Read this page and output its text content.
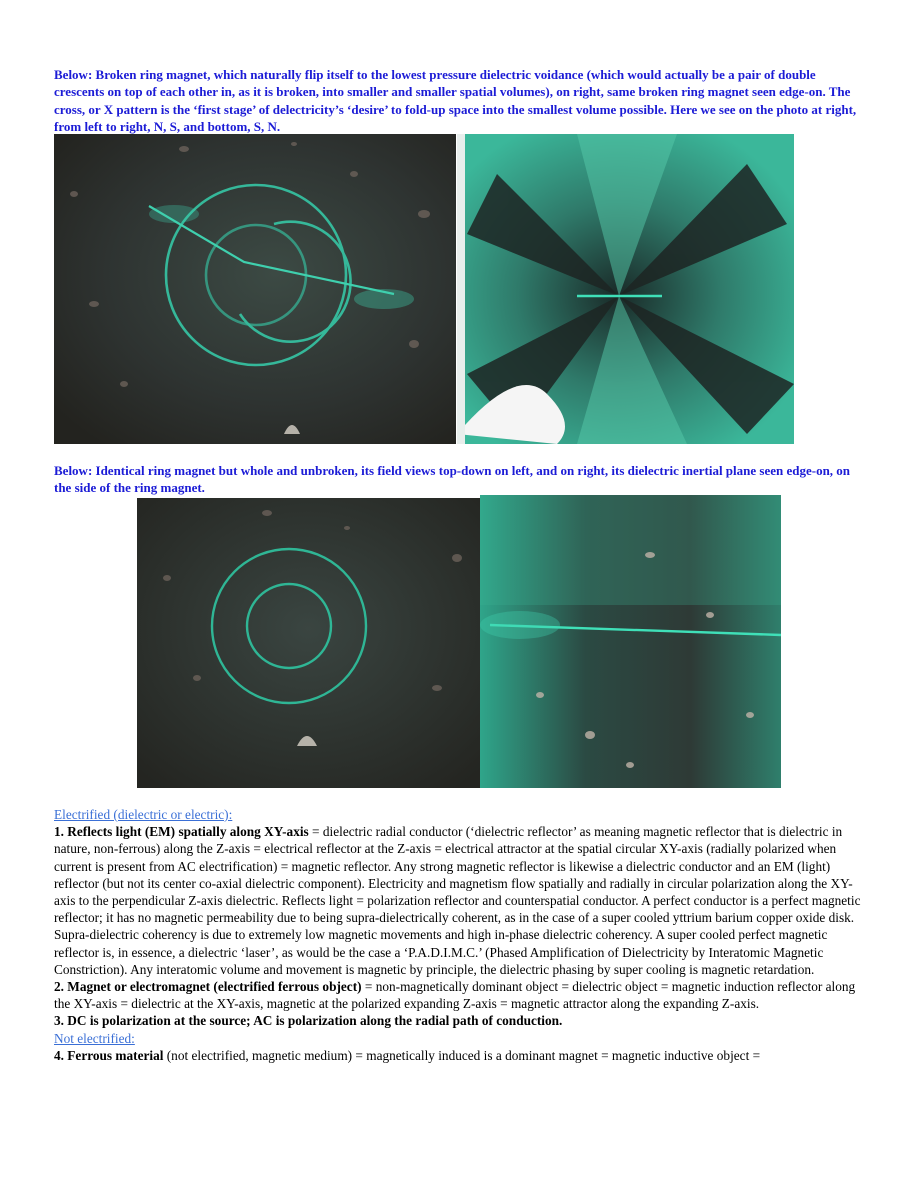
Below: Broken ring magnet, which naturally flip itself to the lowest pressure dielectric voidance (which would actually be a pair of double crescents on top of each other in, as it is broken, into smaller and smaller spatial volumes), on right, same broken ring magnet seen edge-on. The cross, or X pattern is the ‘first stage’ of delectricity’s ‘desire’ to fold-up space into the smallest volume possible. Here we see on the photo at right, from left to right, N, S, and bottom, S, N.
Below: Identical ring magnet but whole and unbroken, its field views top-down on left, and on right, its dielectric inertial plane seen edge-on, on the side of the ring magnet.

Electrified (dielectric or electric):

1. Reflects light (EM) spatially along XY-axis = dielectric radial conductor (‘dielectric reflector’ as meaning magnetic reflector that is dielectric in nature, non-ferrous) along the Z-axis = electrical reflector at the Z-axis = electrical attractor at the spatial circular XY-axis (radially polarized when current is present from AC electrification) = magnetic reflector. Any strong magnetic reflector is likewise a dielectric conductor and an EM (light) reflector (but not its center co-axial dielectric component). Electricity and magnetism flow spatially and radially in circular polarization along the XY-axis to the perpendicular Z-axis dielectric. Reflects light = polarization reflector and counterspatial conductor. A perfect conductor is a perfect magnetic reflector; it has no magnetic permeability due to being supra-dielectrically coherent, as in the case of a super cooled yttrium barium copper oxide disk. Supra-dielectric coherency is due to extremely low magnetic movements and high in-phase dielectric coherency. A super cooled perfect magnetic reflector is, in essence, a dielectric ‘laser’, as would be the case a ‘P.A.D.I.M.C.’ (Phased Amplification of Dielectricity by Interatomic Magnetic Constriction). Any interatomic volume and movement is magnetic by principle, the dielectric phasing by super cooling is magnetic retardation.

2. Magnet or electromagnet (electrified ferrous object) = non-magnetically dominant object = dielectric object = magnetic induction reflector along the XY-axis = dielectric at the XY-axis, magnetic at the polarized expanding Z-axis = magnetic attractor along the expanding Z-axis.

3. DC is polarization at the source; AC is polarization along the radial path of conduction.

Not electrified:

4. Ferrous material (not electrified, magnetic medium) = magnetically induced is a dominant magnet = magnetic inductive object =
